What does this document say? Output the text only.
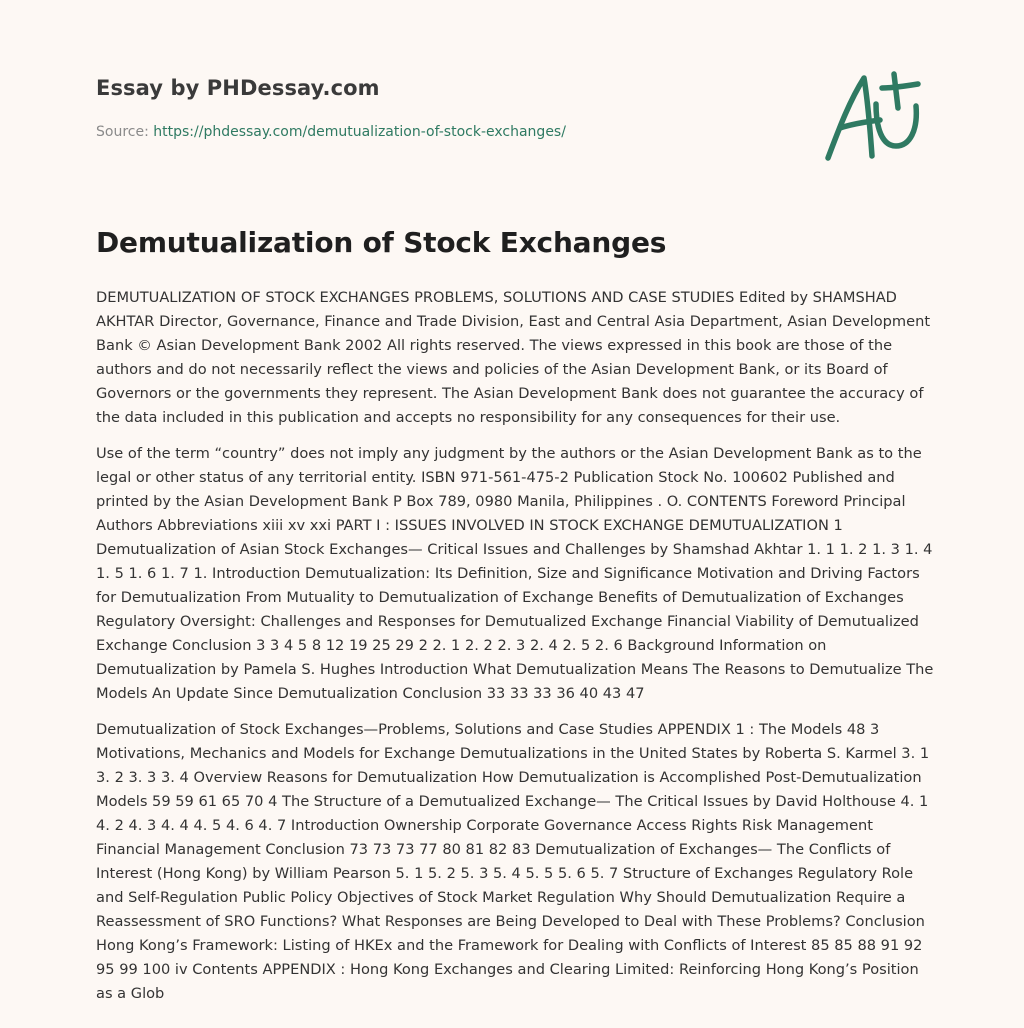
Essay by PHDessay.com
Source: https://phdessay.com/demutualization-of-stock-exchanges/
Demutualization of Stock Exchanges

DEMUTUALIZATION OF STOCK EXCHANGES PROBLEMS, SOLUTIONS AND CASE STUDIES Edited by SHAMSHAD AKHTAR Director, Governance, Finance and Trade Division, East and Central Asia Department, Asian Development Bank © Asian Development Bank 2002 All rights reserved. The views expressed in this book are those of the authors and do not necessarily reflect the views and policies of the Asian Development Bank, or its Board of Governors or the governments they represent. The Asian Development Bank does not guarantee the accuracy of the data included in this publication and accepts no responsibility for any consequences for their use.

Use of the term “country” does not imply any judgment by the authors or the Asian Development Bank as to the legal or other status of any territorial entity. ISBN 971-561-475-2 Publication Stock No. 100602 Published and printed by the Asian Development Bank P Box 789, 0980 Manila, Philippines . O. CONTENTS Foreword Principal Authors Abbreviations xiii xv xxi PART I : ISSUES INVOLVED IN STOCK EXCHANGE DEMUTUALIZATION 1 Demutualization of Asian Stock Exchanges— Critical Issues and Challenges by Shamshad Akhtar 1. 1 1. 2 1. 3 1. 4 1. 5 1. 6 1. 7 1. Introduction Demutualization: Its Definition, Size and Significance Motivation and Driving Factors for Demutualization From Mutuality to Demutualization of Exchange Benefits of Demutualization of Exchanges Regulatory Oversight: Challenges and Responses for Demutualized Exchange Financial Viability of Demutualized Exchange Conclusion 3 3 4 5 8 12 19 25 29 2 2. 1 2. 2 2. 3 2. 4 2. 5 2. 6 Background Information on Demutualization by Pamela S. Hughes Introduction What Demutualization Means The Reasons to Demutualize The Models An Update Since Demutualization Conclusion 33 33 33 36 40 43 47

Demutualization of Stock Exchanges—Problems, Solutions and Case Studies APPENDIX 1 : The Models 48 3 Motivations, Mechanics and Models for Exchange Demutualizations in the United States by Roberta S. Karmel 3. 1 3. 2 3. 3 3. 4 Overview Reasons for Demutualization How Demutualization is Accomplished Post-Demutualization Models 59 59 61 65 70 4 The Structure of a Demutualized Exchange— The Critical Issues by David Holthouse 4. 1 4. 2 4. 3 4. 4 4. 5 4. 6 4. 7 Introduction Ownership Corporate Governance Access Rights Risk Management Financial Management Conclusion 73 73 73 77 80 81 82 83 Demutualization of Exchanges— The Conflicts of Interest (Hong Kong) by William Pearson 5. 1 5. 2 5. 3 5. 4 5. 5 5. 6 5. 7 Structure of Exchanges Regulatory Role and Self-Regulation Public Policy Objectives of Stock Market Regulation Why Should Demutualization Require a Reassessment of SRO Functions? What Responses are Being Developed to Deal with These Problems? Conclusion Hong Kong’s Framework: Listing of HKEx and the Framework for Dealing with Conflicts of Interest 85 85 88 91 92 95 99 100 iv Contents APPENDIX : Hong Kong Exchanges and Clearing Limited: Reinforcing Hong Kong’s Position as a Glob
